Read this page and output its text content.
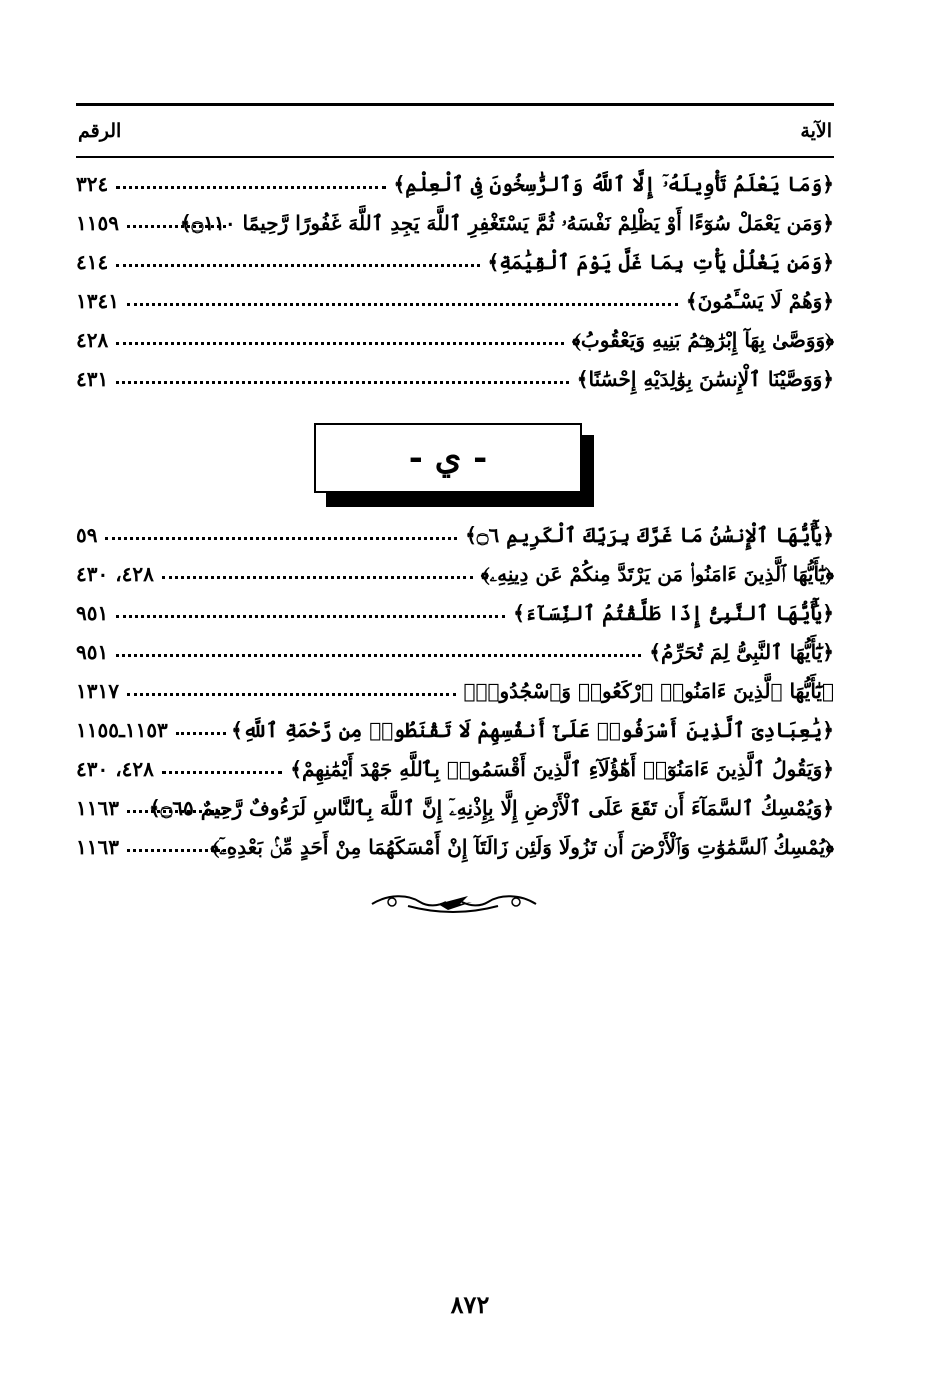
الآية
الرقم
﴿وَمَا يَعْلَمُ تَأْوِيلَهُۥٓ إِلَّا ٱللَّهُ وَٱلرَّٰسِخُونَ فِى ٱلْعِلْمِ﴾
٣٢٤
﴿وَمَن يَعْمَلْ سُوٓءًا أَوْ يَظْلِمْ نَفْسَهُۥ ثُمَّ يَسْتَغْفِرِ ٱللَّهَ يَجِدِ ٱللَّهَ غَفُورًا رَّحِيمًا ۝١١٠﴾
١١٥٩
﴿وَمَن يَغْلُلْ يَأْتِ بِمَا غَلَّ يَوْمَ ٱلْقِيَٰمَةِ﴾
٤١٤
﴿وَهُمْ لَا يَسْـَٔمُونَ﴾
١٣٤١
﴿وَوَصَّىٰ بِهَآ إِبْرَٰهِـۧمُ بَنِيهِ وَيَعْقُوبُ﴾
٤٢٨
﴿وَوَصَّيْنَا ٱلْإِنسَٰنَ بِوَٰلِدَيْهِ إِحْسَٰنًا﴾
٤٣١
- ي -
﴿يَٰٓأَيُّهَا ٱلْإِنسَٰنُ مَا غَرَّكَ بِرَبِّكَ ٱلْكَرِيمِ ۝٦﴾
٥٩
﴿يَٰٓأَيُّهَا ٱلَّذِينَ ءَامَنُوا۟ مَن يَرْتَدَّ مِنكُمْ عَن دِينِهِۦ﴾
٤٢٨، ٤٣٠
﴿يَٰٓأَيُّهَا ٱلنَّبِىُّ إِذَا طَلَّقْتُمُ ٱلنِّسَآءَ﴾
٩٥١
﴿يَٰٓأَيُّهَا ٱلنَّبِىُّ لِمَ تُحَرِّمُ﴾
٩٥١
﴿يَٰٓأَيُّهَا ٱلَّذِينَ ءَامَنُوا۟ ٱرْكَعُوا۟ وَٱسْجُدُوا۟﴾
١٣١٧
﴿يَٰعِبَادِىَ ٱلَّذِينَ أَسْرَفُوا۟ عَلَىٰٓ أَنفُسِهِمْ لَا تَقْنَطُوا۟ مِن رَّحْمَةِ ٱللَّهِ﴾
١١٥٣ـ١١٥٥
﴿وَيَقُولُ ٱلَّذِينَ ءَامَنُوٓا۟ أَهَٰٓؤُلَآءِ ٱلَّذِينَ أَقْسَمُوا۟ بِٱللَّهِ جَهْدَ أَيْمَٰنِهِمْ﴾
٤٢٨، ٤٣٠
﴿وَيُمْسِكُ ٱلسَّمَآءَ أَن تَقَعَ عَلَى ٱلْأَرْضِ إِلَّا بِإِذْنِهِۦٓ إِنَّ ٱللَّهَ بِٱلنَّاسِ لَرَءُوفٌ رَّحِيمٌ ۝٦٥﴾
١١٦٣
﴿يُمْسِكُ ٱلسَّمَٰوَٰتِ وَٱلْأَرْضَ أَن تَزُولَا وَلَئِن زَالَتَآ إِنْ أَمْسَكَهُمَا مِنْ أَحَدٍ مِّنۢ بَعْدِهِۦٓ﴾
١١٦٣
٨٧٢
